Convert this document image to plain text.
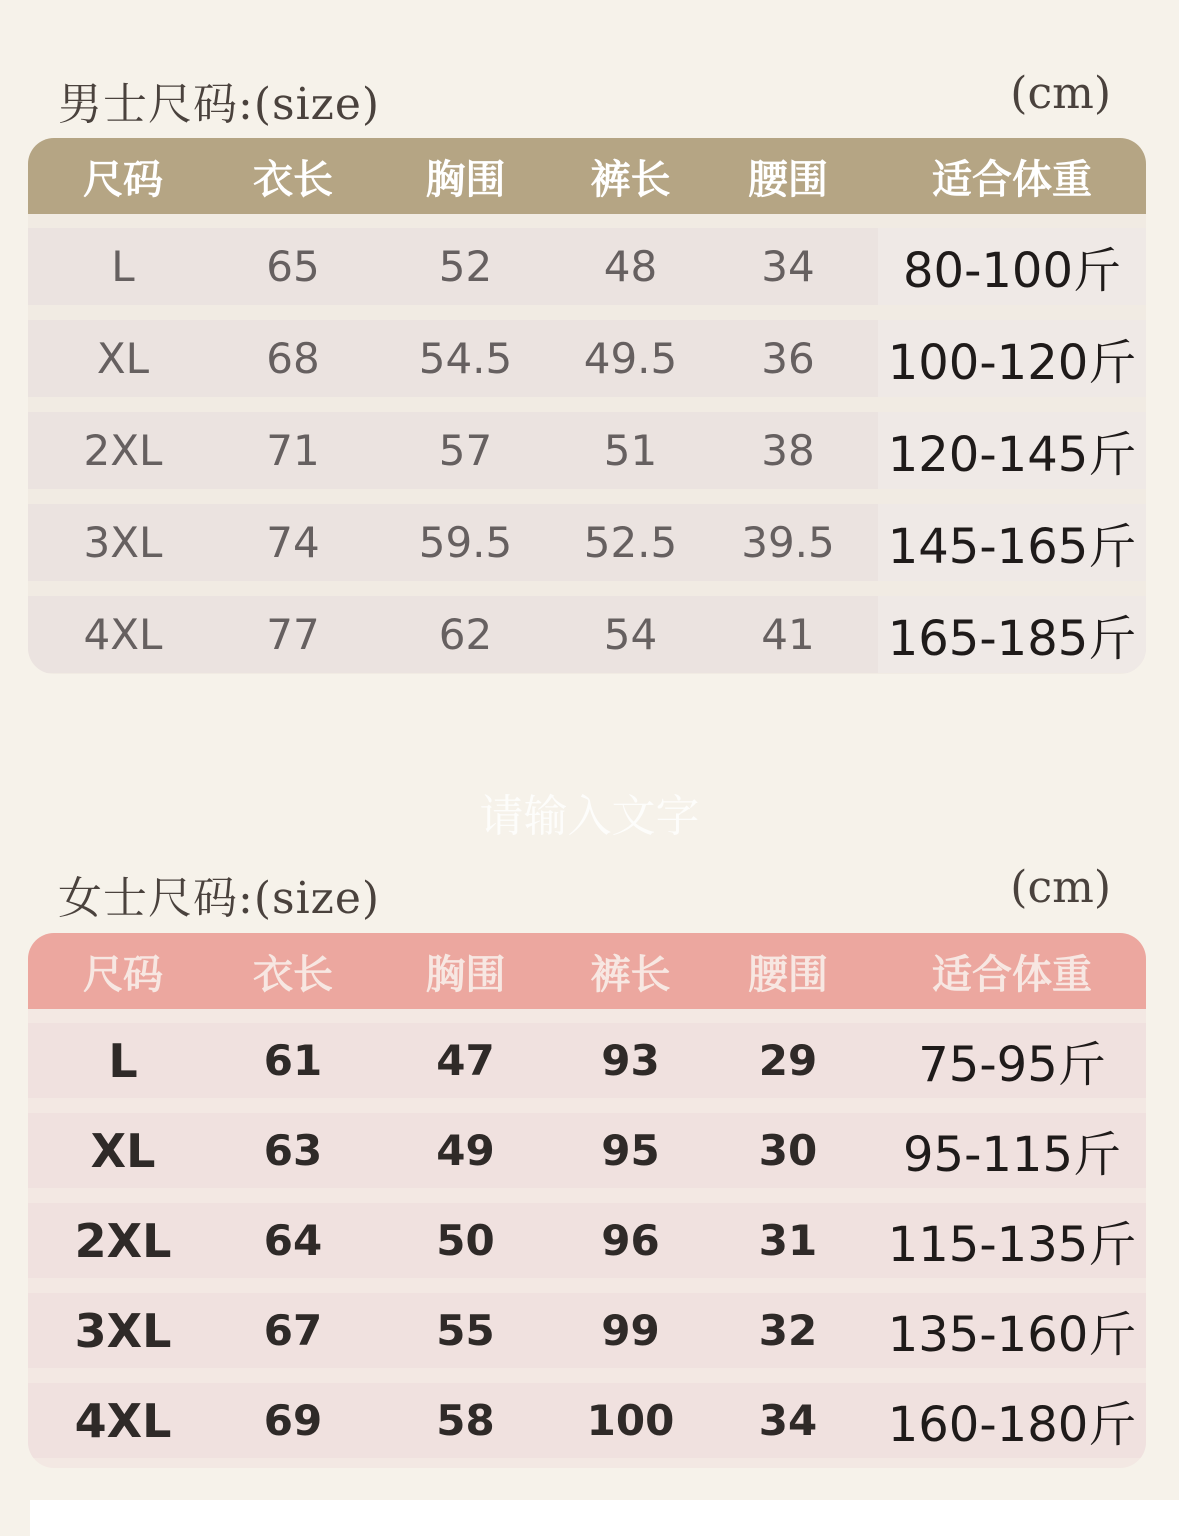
男士尺码:(size)	(cm)
尺码	衣长	胸围	裤长	腰围	适合体重
L	65	52	48	34	80-100斤
XL	68	54.5	49.5	36	100-120斤
2XL	71	57	51	38	120-145斤
3XL	74	59.5	52.5	39.5	145-165斤
4XL	77	62	54	41	165-185斤
请输入文字
女士尺码:(size)	(cm)
尺码	衣长	胸围	裤长	腰围	适合体重
L	61	47	93	29	75-95斤
XL	63	49	95	30	95-115斤
2XL	64	50	96	31	115-135斤
3XL	67	55	99	32	135-160斤
4XL	69	58	100	34	160-180斤
